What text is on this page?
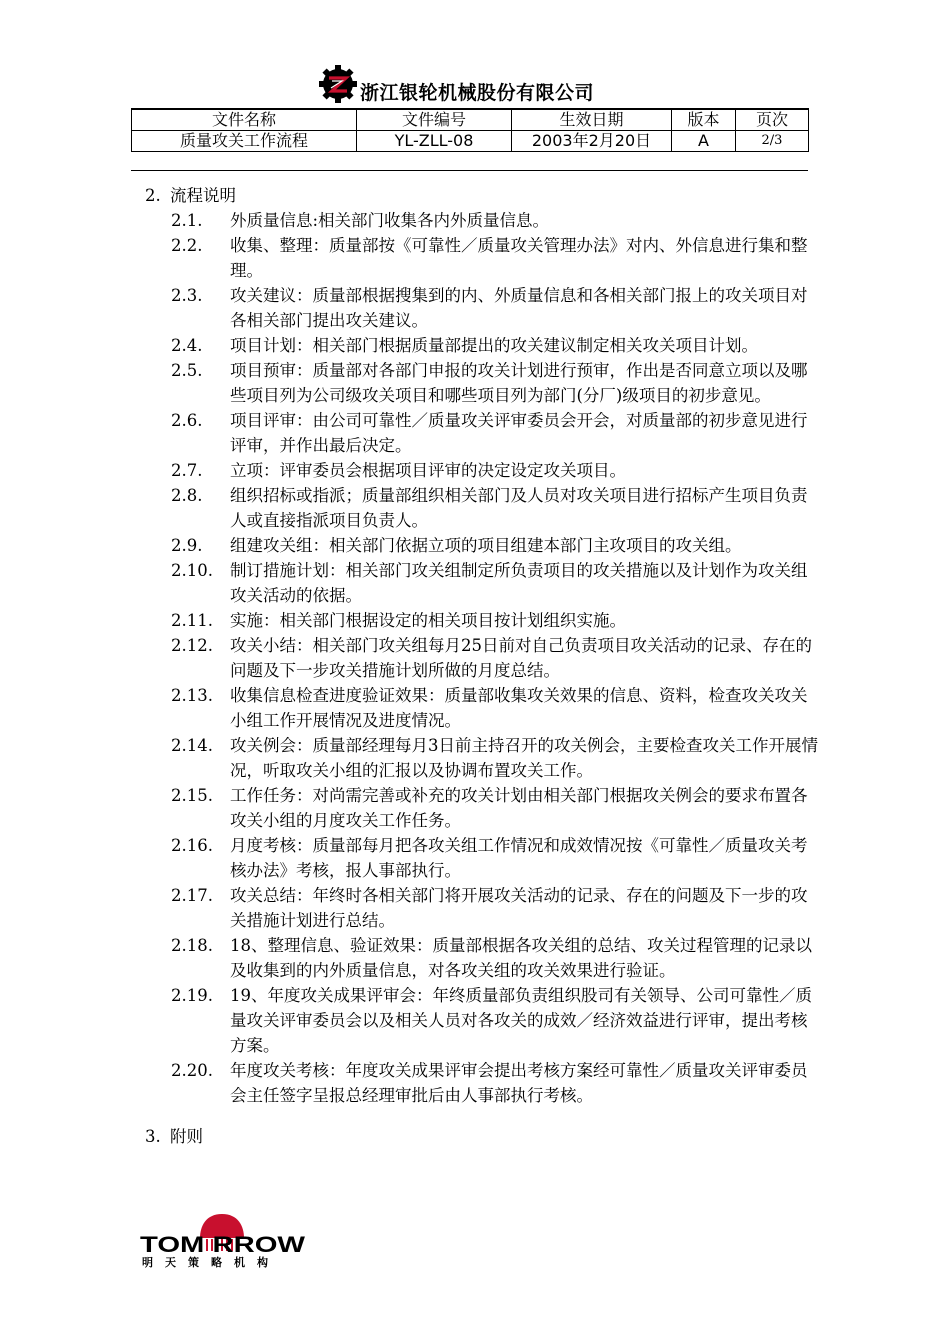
浙江银轮机械股份有限公司
文件名称	文件编号	生效日期	版本	页次
质量攻关工作流程	YL-ZLL-08	2003年2月20日	A	2/3
2. 流程说明
2.1.	外质量信息:相关部门收集各内外质量信息。
2.2.	收集、整理：质量部按《可靠性／质量攻关管理办法》对内、外信息进行集和整理。
2.3.	攻关建议：质量部根据搜集到的内、外质量信息和各相关部门报上的攻关项目对各相关部门提出攻关建议。
2.4.	项目计划：相关部门根据质量部提出的攻关建议制定相关攻关项目计划。
2.5.	项目预审：质量部对各部门申报的攻关计划进行预审，作出是否同意立项以及哪些项目列为公司级攻关项目和哪些项目列为部门(分厂)级项目的初步意见。
2.6.	项目评审：由公司可靠性／质量攻关评审委员会开会，对质量部的初步意见进行评审，并作出最后决定。
2.7.	立项：评审委员会根据项目评审的决定设定攻关项目。
2.8.	组织招标或指派；质量部组织相关部门及人员对攻关项目进行招标产生项目负责人或直接指派项目负责人。
2.9.	组建攻关组：相关部门依据立项的项目组建本部门主攻项目的攻关组。
2.10.	制订措施计划：相关部门攻关组制定所负责项目的攻关措施以及计划作为攻关组攻关活动的依据。
2.11.	实施：相关部门根据设定的相关项目按计划组织实施。
2.12.	攻关小结：相关部门攻关组每月25日前对自己负责项目攻关活动的记录、存在的问题及下一步攻关措施计划所做的月度总结。
2.13.	收集信息检查进度验证效果：质量部收集攻关效果的信息、资料，检查攻关攻关小组工作开展情况及进度情况。
2.14.	攻关例会：质量部经理每月3日前主持召开的攻关例会，主要检查攻关工作开展情况，听取攻关小组的汇报以及协调布置攻关工作。
2.15.	工作任务：对尚需完善或补充的攻关计划由相关部门根据攻关例会的要求布置各攻关小组的月度攻关工作任务。
2.16.	月度考核：质量部每月把各攻关组工作情况和成效情况按《可靠性／质量攻关考核办法》考核，报人事部执行。
2.17.	攻关总结：年终时各相关部门将开展攻关活动的记录、存在的问题及下一步的攻关措施计划进行总结。
2.18.	18、整理信息、验证效果：质量部根据各攻关组的总结、攻关过程管理的记录以及收集到的内外质量信息，对各攻关组的攻关效果进行验证。
2.19.	19、年度攻关成果评审会：年终质量部负责组织股司有关领导、公司可靠性／质量攻关评审委员会以及相关人员对各攻关的成效／经济效益进行评审，提出考核方案。
2.20.	年度攻关考核：年度攻关成果评审会提出考核方案经可靠性／质量攻关评审委员会主任签字呈报总经理审批后由人事部执行考核。
3. 附则
TOM RROW
明天策略机构
